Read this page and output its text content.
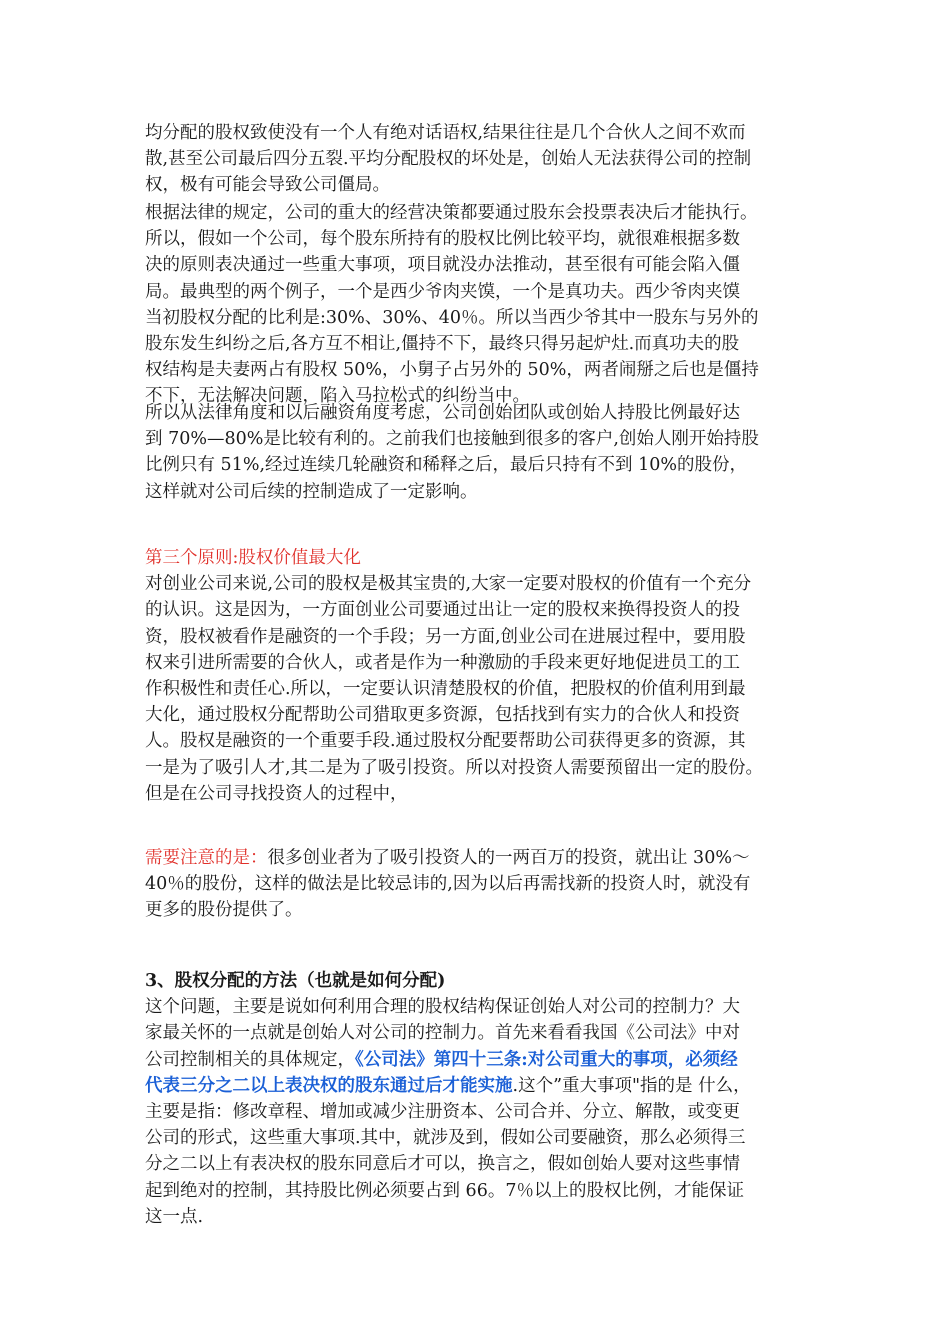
均分配的股权致使没有一个人有绝对话语权,结果往往是几个合伙人之间不欢而
散,甚至公司最后四分五裂.平均分配股权的坏处是，创始人无法获得公司的控制
权，极有可能会导致公司僵局。
根据法律的规定，公司的重大的经营决策都要通过股东会投票表决后才能执行。
所以，假如一个公司，每个股东所持有的股权比例比较平均，就很难根据多数
决的原则表决通过一些重大事项，项目就没办法推动，甚至很有可能会陷入僵
局。最典型的两个例子，一个是西少爷肉夹馍，一个是真功夫。西少爷肉夹馍
当初股权分配的比利是:30%、30%、40％。所以当西少爷其中一股东与另外的
股东发生纠纷之后,各方互不相让,僵持不下，最终只得另起炉灶.而真功夫的股
权结构是夫妻两占有股权 50%，小舅子占另外的 50%，两者闹掰之后也是僵持
不下，无法解决问题，陷入马拉松式的纠纷当中。
所以从法律角度和以后融资角度考虑，公司创始团队或创始人持股比例最好达
到 70%—80%是比较有利的。之前我们也接触到很多的客户,创始人刚开始持股
比例只有 51%,经过连续几轮融资和稀释之后，最后只持有不到 10%的股份，
这样就对公司后续的控制造成了一定影响。
第三个原则:股权价值最大化
对创业公司来说,公司的股权是极其宝贵的,大家一定要对股权的价值有一个充分
的认识。这是因为，一方面创业公司要通过出让一定的股权来换得投资人的投
资，股权被看作是融资的一个手段；另一方面,创业公司在进展过程中，要用股
权来引进所需要的合伙人，或者是作为一种激励的手段来更好地促进员工的工
作积极性和责任心.所以，一定要认识清楚股权的价值，把股权的价值利用到最
大化，通过股权分配帮助公司猎取更多资源，包括找到有实力的合伙人和投资
人。股权是融资的一个重要手段.通过股权分配要帮助公司获得更多的资源，其
一是为了吸引人才,其二是为了吸引投资。所以对投资人需要预留出一定的股份。
但是在公司寻找投资人的过程中，
需要注意的是：很多创业者为了吸引投资人的一两百万的投资，就出让 30%～
40％的股份，这样的做法是比较忌讳的,因为以后再需找新的投资人时，就没有
更多的股份提供了。
3、股权分配的方法（也就是如何分配)
这个问题，主要是说如何利用合理的股权结构保证创始人对公司的控制力？大
家最关怀的一点就是创始人对公司的控制力。首先来看看我国《公司法》中对
公司控制相关的具体规定，《公司法》第四十三条:对公司重大的事项，必须经
代表三分之二以上表决权的股东通过后才能实施.这个”重大事项"指的是 什么，
主要是指：修改章程、增加或减少注册资本、公司合并、分立、解散，或变更
公司的形式，这些重大事项.其中，就涉及到，假如公司要融资，那么必须得三
分之二以上有表决权的股东同意后才可以，换言之，假如创始人要对这些事情
起到绝对的控制，其持股比例必须要占到 66。7％以上的股权比例，才能保证
这一点.
